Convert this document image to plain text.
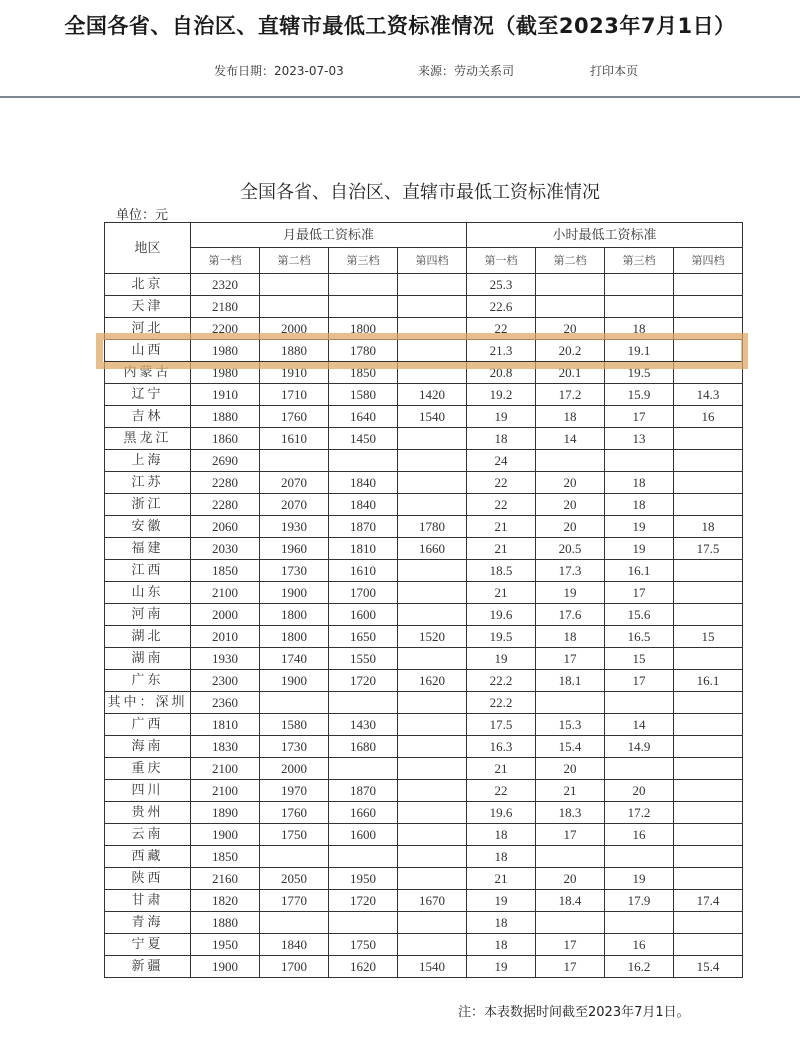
全国各省、自治区、直辖市最低工资标准情况（截至2023年7月1日）
发布日期：2023-07-03	来源：劳动关系司	打印本页
全国各省、自治区、直辖市最低工资标准情况
单位：元
地区	月最低工资标准				小时最低工资标准			
	第一档	第二档	第三档	第四档	第一档	第二档	第三档	第四档
北京	2320				25.3			
天津	2180				22.6			
河北	2200	2000	1800		22	20	18	
山西	1980	1880	1780		21.3	20.2	19.1	
内蒙古	1980	1910	1850		20.8	20.1	19.5	
辽宁	1910	1710	1580	1420	19.2	17.2	15.9	14.3
吉林	1880	1760	1640	1540	19	18	17	16
黑龙江	1860	1610	1450		18	14	13	
上海	2690				24			
江苏	2280	2070	1840		22	20	18	
浙江	2280	2070	1840		22	20	18	
安徽	2060	1930	1870	1780	21	20	19	18
福建	2030	1960	1810	1660	21	20.5	19	17.5
江西	1850	1730	1610		18.5	17.3	16.1	
山东	2100	1900	1700		21	19	17	
河南	2000	1800	1600		19.6	17.6	15.6	
湖北	2010	1800	1650	1520	19.5	18	16.5	15
湖南	1930	1740	1550		19	17	15	
广东	2300	1900	1720	1620	22.2	18.1	17	16.1
其中：深圳	2360				22.2			
广西	1810	1580	1430		17.5	15.3	14	
海南	1830	1730	1680		16.3	15.4	14.9	
重庆	2100	2000			21	20		
四川	2100	1970	1870		22	21	20	
贵州	1890	1760	1660		19.6	18.3	17.2	
云南	1900	1750	1600		18	17	16	
西藏	1850				18			
陕西	2160	2050	1950		21	20	19	
甘肃	1820	1770	1720	1670	19	18.4	17.9	17.4
青海	1880				18			
宁夏	1950	1840	1750		18	17	16	
新疆	1900	1700	1620	1540	19	17	16.2	15.4
注：本表数据时间截至2023年7月1日。
